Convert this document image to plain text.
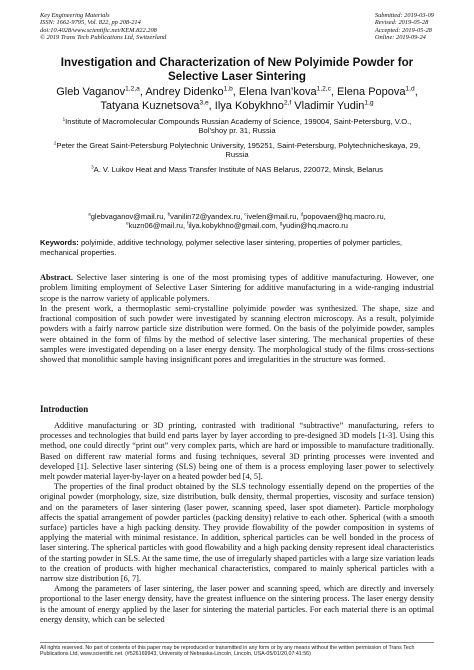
Key Engineering Materials
ISSN: 1662-9795, Vol. 822, pp 208-214
doi:10.4028/www.scientific.net/KEM.822.208
© 2019 Trans Tech Publications Ltd, Switzerland
Submitted: 2019-03-09
Revised: 2019-05-28
Accepted: 2019-05-28
Online: 2019-09-24
Investigation and Characterization of New Polyimide Powder for
Selective Laser Sintering
Gleb Vaganov$^{1,2,a}$, Andrey Didenko$^{1,b}$, Elena Ivan’kova$^{1,2,c}$, Elena Popova$^{1,d}$,
Tatyana Kuznetsova$^{3,e}$, Ilya Kobykhno$^{2,f}$ Vladimir Yudin$^{1,g}$

$^1$Institute of Macromolecular Compounds Russian Academy of Science, 199004, Saint-Petersburg, V.O., Bol’shoy pr. 31, Russia

$^2$Peter the Great Saint-Petersburg Polytechnic University, 195251, Saint-Petersburg, Polytechnicheskaya, 29, Russia

$^3$A. V. Luikov Heat and Mass Transfer Institute of NAS Belarus, 220072, Minsk, Belarus

$^a$glebvaganov@mail.ru, $^b$vanilin72@yandex.ru, $^c$ivelen@mail.ru, $^d$popovaen@hq.macro.ru,
$^e$kuzn06@mail.ru, $^f$ilya.kobykhno@gmail.com, $^g$yudin@hq.macro.ru
Keywords: polyimide, additive technology, polymer selective laser sintering, properties of polymer particles, mechanical properties.

Abstract. Selective laser sintering is one of the most promising types of additive manufacturing. However, one problem limiting employment of Selective Laser Sintering for additive manufacturing in a wide-ranging industrial scope is the narrow variety of applicable polymers.

In the present work, a thermoplastic semi-crystalline polyimide powder was synthesized. The shape, size and fractional composition of such powder were investigated by scanning electron microscopy. As a result, polyimide powders with a fairly narrow particle size distribution were formed. On the basis of the polyimide powder, samples were obtained in the form of films by the method of selective laser sintering. The mechanical properties of these samples were investigated depending on a laser energy density. The morphological study of the films cross-sections showed that monolithic sample having insignificant pores and irregularities in the structure was formed.

Introduction

Additive manufacturing or 3D printing, contrasted with traditional “subtractive” manufacturing, refers to processes and technologies that build end parts layer by layer according to pre-designed 3D models [1-3]. Using this method, one could directly “print out” very complex parts, which are hard or impossible to manufacture traditionally. Based on different raw material forms and fusing techniques, several 3D printing processes were invented and developed [1]. Selective laser sintering (SLS) being one of them is a process employing laser power to selectively melt powder material layer-by-layer on a heated powder bed [4, 5].

The properties of the final product obtained by the SLS technology essentially depend on the properties of the original powder (morphology, size, size distribution, bulk density, thermal properties, viscosity and surface tension) and on the parameters of laser sintering (laser power, scanning speed, laser spot diameter). Particle morphology affects the spatial arrangement of powder particles (packing density) relative to each other. Spherical (with a smooth surface) particles have a high packing density. They provide flowability of the powder composition in systems of applying the material with minimal resistance. In addition, spherical particles can be well bonded in the process of laser sintering. The spherical particles with good flowability and a high packing density represent ideal characteristics of the starting powder in SLS. At the same time, the use of irregularly shaped particles with a large size variation leads to the creation of products with higher mechanical characteristics, compared to mainly spherical particles with a narrow size distribution [6, 7].

Among the parameters of laser sintering, the laser power and scanning speed, which are directly and inversely proportional to the laser energy density, have the greatest influence on the sintering process. The laser energy density is the amount of energy applied by the laser for sintering the material particles. For each material there is an optimal energy density, which can be selected

All rights reserved. No part of contents of this paper may be reproduced or transmitted in any form or by any means without the written permission of Trans Tech Publications Ltd, www.scientific.net. (#526169943, University of Nebraska-Lincoln, Lincoln, USA-05/01/20,07:41:56)
